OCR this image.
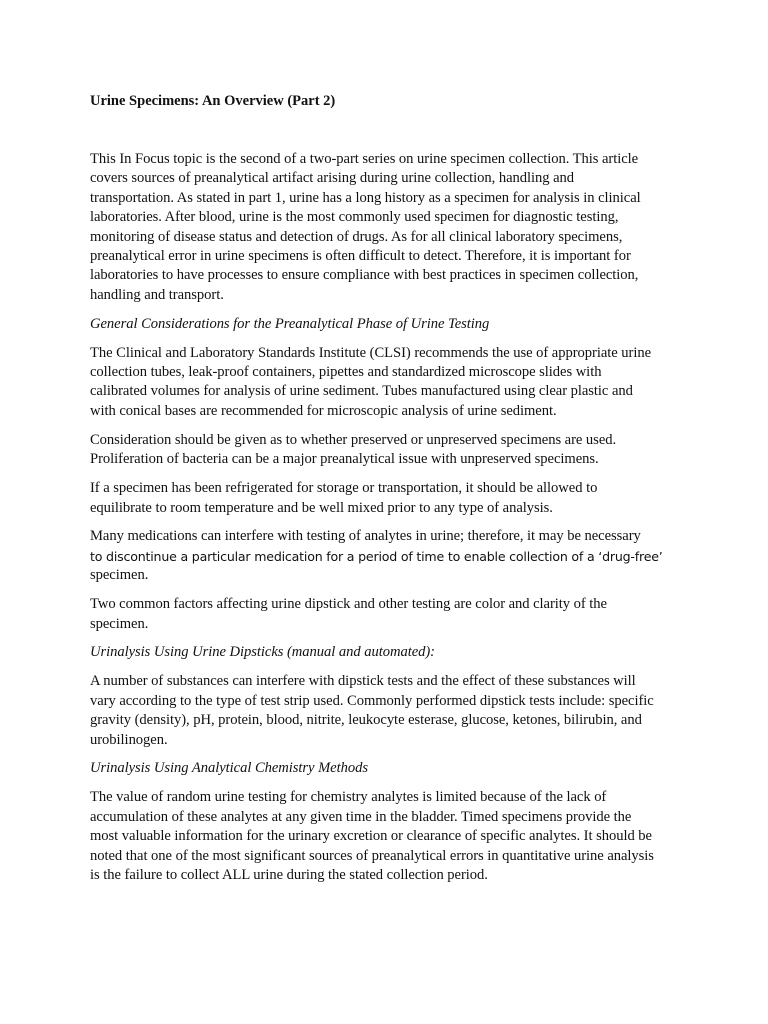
Urine Specimens: An Overview (Part 2)

This In Focus topic is the second of a two-part series on urine specimen collection. This article
covers sources of preanalytical artifact arising during urine collection, handling and
transportation. As stated in part 1, urine has a long history as a specimen for analysis in clinical
laboratories. After blood, urine is the most commonly used specimen for diagnostic testing,
monitoring of disease status and detection of drugs. As for all clinical laboratory specimens,
preanalytical error in urine specimens is often difficult to detect. Therefore, it is important for
laboratories to have processes to ensure compliance with best practices in specimen collection,
handling and transport.

General Considerations for the Preanalytical Phase of Urine Testing

The Clinical and Laboratory Standards Institute (CLSI) recommends the use of appropriate urine
collection tubes, leak-proof containers, pipettes and standardized microscope slides with
calibrated volumes for analysis of urine sediment. Tubes manufactured using clear plastic and
with conical bases are recommended for microscopic analysis of urine sediment.

Consideration should be given as to whether preserved or unpreserved specimens are used.
Proliferation of bacteria can be a major preanalytical issue with unpreserved specimens.

If a specimen has been refrigerated for storage or transportation, it should be allowed to
equilibrate to room temperature and be well mixed prior to any type of analysis.

Many medications can interfere with testing of analytes in urine; therefore, it may be necessary
to discontinue a particular medication for a period of time to enable collection of a ‘drug-free’
specimen.

Two common factors affecting urine dipstick and other testing are color and clarity of the
specimen.

Urinalysis Using Urine Dipsticks (manual and automated):

A number of substances can interfere with dipstick tests and the effect of these substances will
vary according to the type of test strip used. Commonly performed dipstick tests include: specific
gravity (density), pH, protein, blood, nitrite, leukocyte esterase, glucose, ketones, bilirubin, and
urobilinogen.

Urinalysis Using Analytical Chemistry Methods

The value of random urine testing for chemistry analytes is limited because of the lack of
accumulation of these analytes at any given time in the bladder. Timed specimens provide the
most valuable information for the urinary excretion or clearance of specific analytes. It should be
noted that one of the most significant sources of preanalytical errors in quantitative urine analysis
is the failure to collect ALL urine during the stated collection period.
